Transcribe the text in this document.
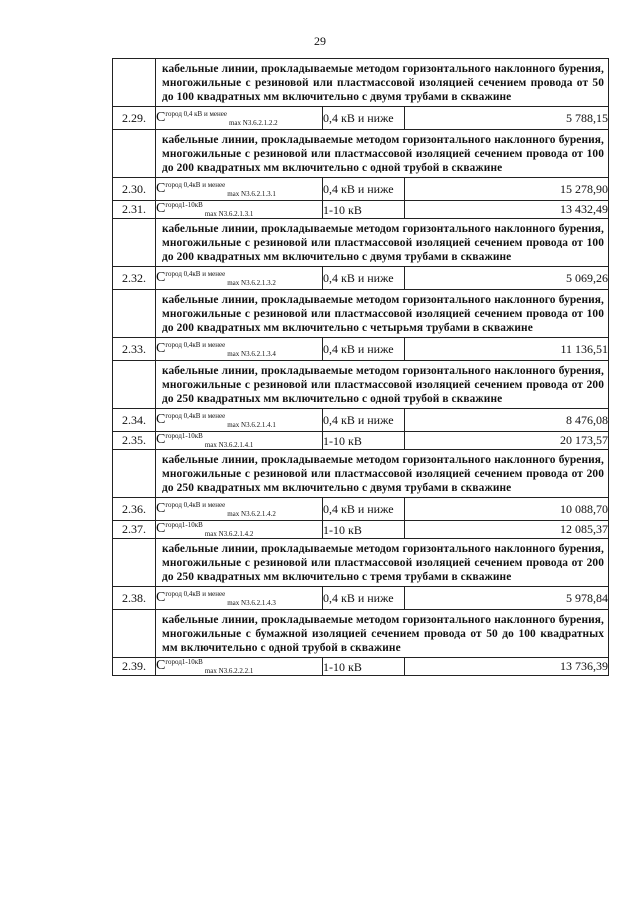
29
	кабельные линии, прокладываемые методом горизонтального наклонного бурения, многожильные с резиновой или пластмассовой изоляцией сечением провода от 50 до 100 квадратных мм включительно с двумя трубами в скважине		
2.29.	$C^{город 0,4 кВ и менее}_{max N3.6.2.1.2.2}$	0,4 кВ и ниже	5 788,15
	кабельные линии, прокладываемые методом горизонтального наклонного бурения, многожильные с резиновой или пластмассовой изоляцией сечением провода от 100 до 200 квадратных мм включительно с одной трубой в скважине		
2.30.	$C^{город 0,4кВ и менее}_{max N3.6.2.1.3.1}$	0,4 кВ и ниже	15 278,90
2.31.	$C^{город1-10кВ}_{max N3.6.2.1.3.1}$	1-10 кВ	13 432,49
	кабельные линии, прокладываемые методом горизонтального наклонного бурения, многожильные с резиновой или пластмассовой изоляцией сечением провода от 100 до 200 квадратных мм включительно с двумя трубами в скважине		
2.32.	$C^{город 0,4кВ и менее}_{max N3.6.2.1.3.2}$	0,4 кВ и ниже	5 069,26
	кабельные линии, прокладываемые методом горизонтального наклонного бурения, многожильные с резиновой или пластмассовой изоляцией сечением провода от 100 до 200 квадратных мм включительно с четырьмя трубами в скважине		
2.33.	$C^{город 0,4кВ и менее}_{max N3.6.2.1.3.4}$	0,4 кВ и ниже	11 136,51
	кабельные линии, прокладываемые методом горизонтального наклонного бурения, многожильные с резиновой или пластмассовой изоляцией сечением провода от 200 до 250 квадратных мм включительно с одной трубой в скважине		
2.34.	$C^{город 0,4кВ и менее}_{max N3.6.2.1.4.1}$	0,4 кВ и ниже	8 476,08
2.35.	$C^{город1-10кВ}_{max N3.6.2.1.4.1}$	1-10 кВ	20 173,57
	кабельные линии, прокладываемые методом горизонтального наклонного бурения, многожильные с резиновой или пластмассовой изоляцией сечением провода от 200 до 250 квадратных мм включительно с двумя трубами в скважине		
2.36.	$C^{город 0,4кВ и менее}_{max N3.6.2.1.4.2}$	0,4 кВ и ниже	10 088,70
2.37.	$C^{город1-10кВ}_{max N3.6.2.1.4.2}$	1-10 кВ	12 085,37
	кабельные линии, прокладываемые методом горизонтального наклонного бурения, многожильные с резиновой или пластмассовой изоляцией сечением провода от 200 до 250 квадратных мм включительно с тремя трубами в скважине		
2.38.	$C^{город 0,4кВ и менее}_{max N3.6.2.1.4.3}$	0,4 кВ и ниже	5 978,84
	кабельные линии, прокладываемые методом горизонтального наклонного бурения, многожильные с бумажной изоляцией сечением провода от 50 до 100 квадратных мм включительно с одной трубой в скважине		
2.39.	$C^{город1-10кВ}_{max N3.6.2.2.2.1}$	1-10 кВ	13 736,39
